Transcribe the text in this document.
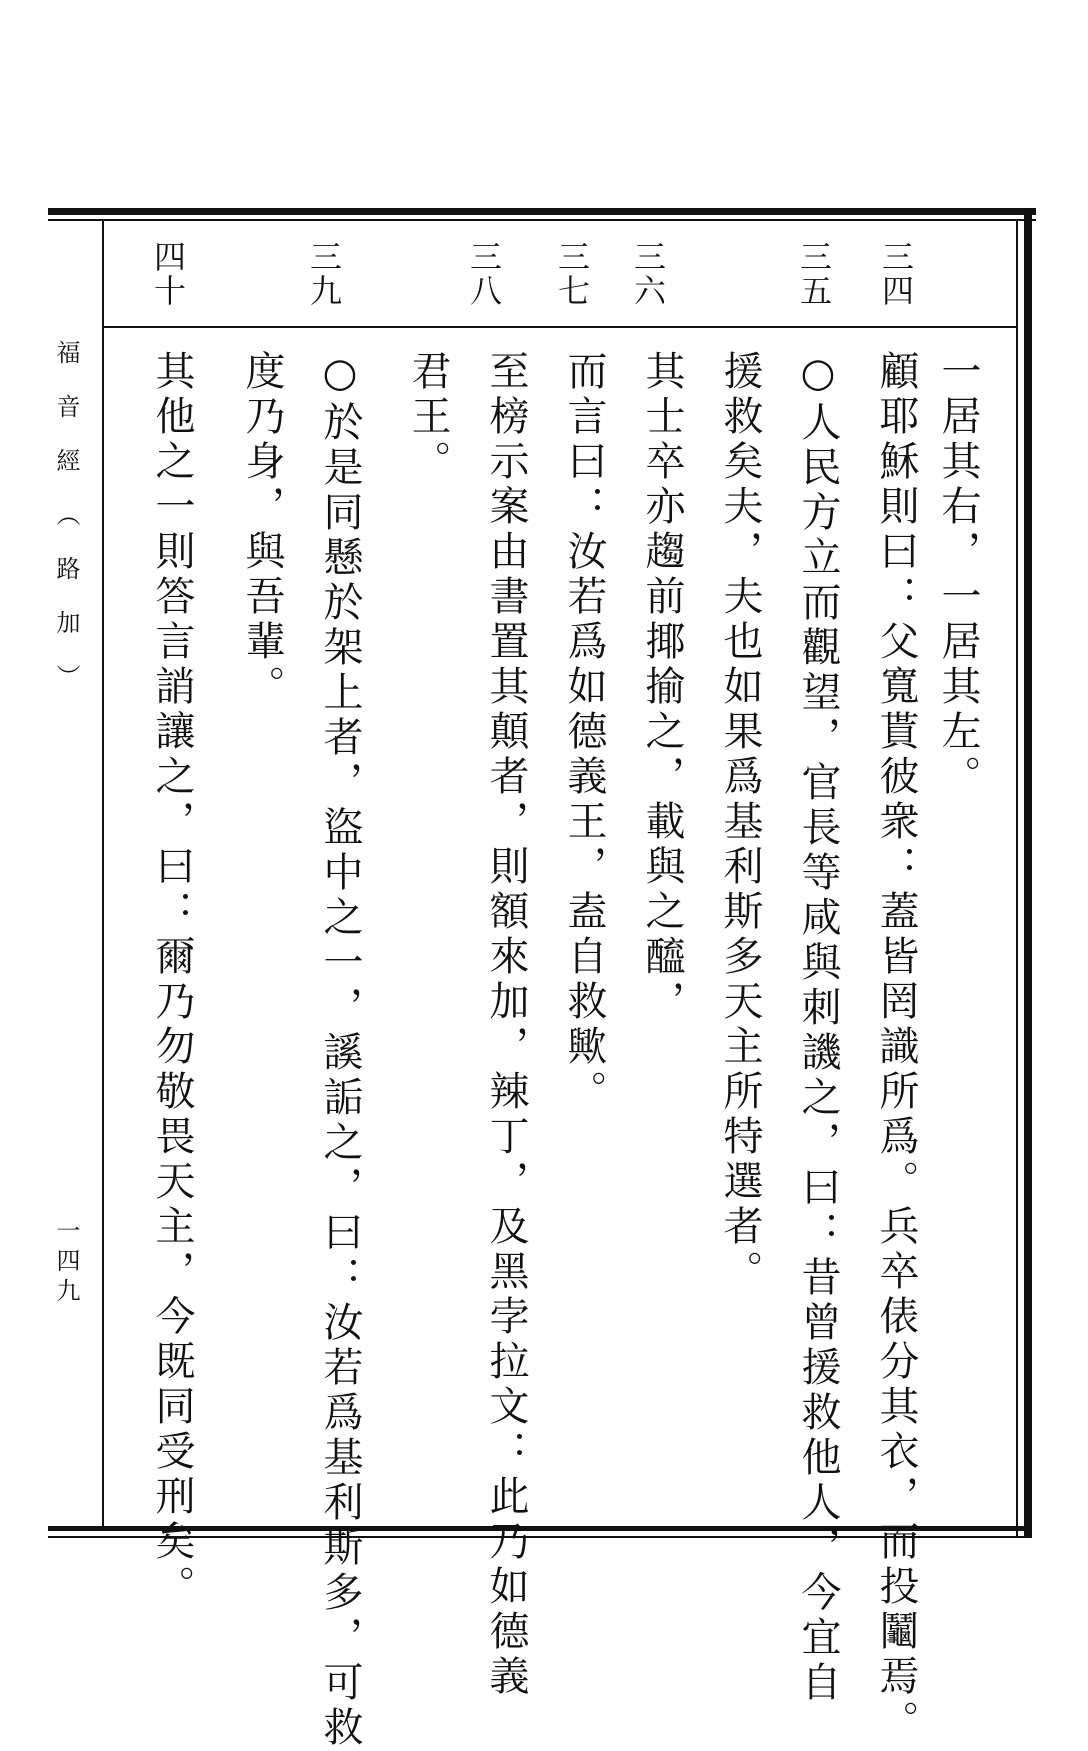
福音經（路加）
一四九
三四
一居其右，一居其左。
顧耶穌則曰：父寬貰彼衆：蓋皆罔識所爲。兵卒俵分其衣，而投鬮焉。
三五
○人民方立而觀望，官長等咸與刺譏之，曰：昔曾援救他人，今宜自
援救矣夫，夫也如果爲基利斯多天主所特選者。
三六
其士卒亦趨前揶揄之，載與之醯，
三七
而言曰：汝若爲如德義王，盍自救歟。
三八
至榜示案由書置其顛者，則額來加，辣丁，及黑孛拉文：此乃如德義
君王。
三九
○於是同懸於架上者，盜中之一，謑詬之，曰：汝若爲基利斯多，可救
度乃身，與吾輩。
四十
其他之一則答言誚讓之，曰：爾乃勿敬畏天主，今既同受刑矣。
